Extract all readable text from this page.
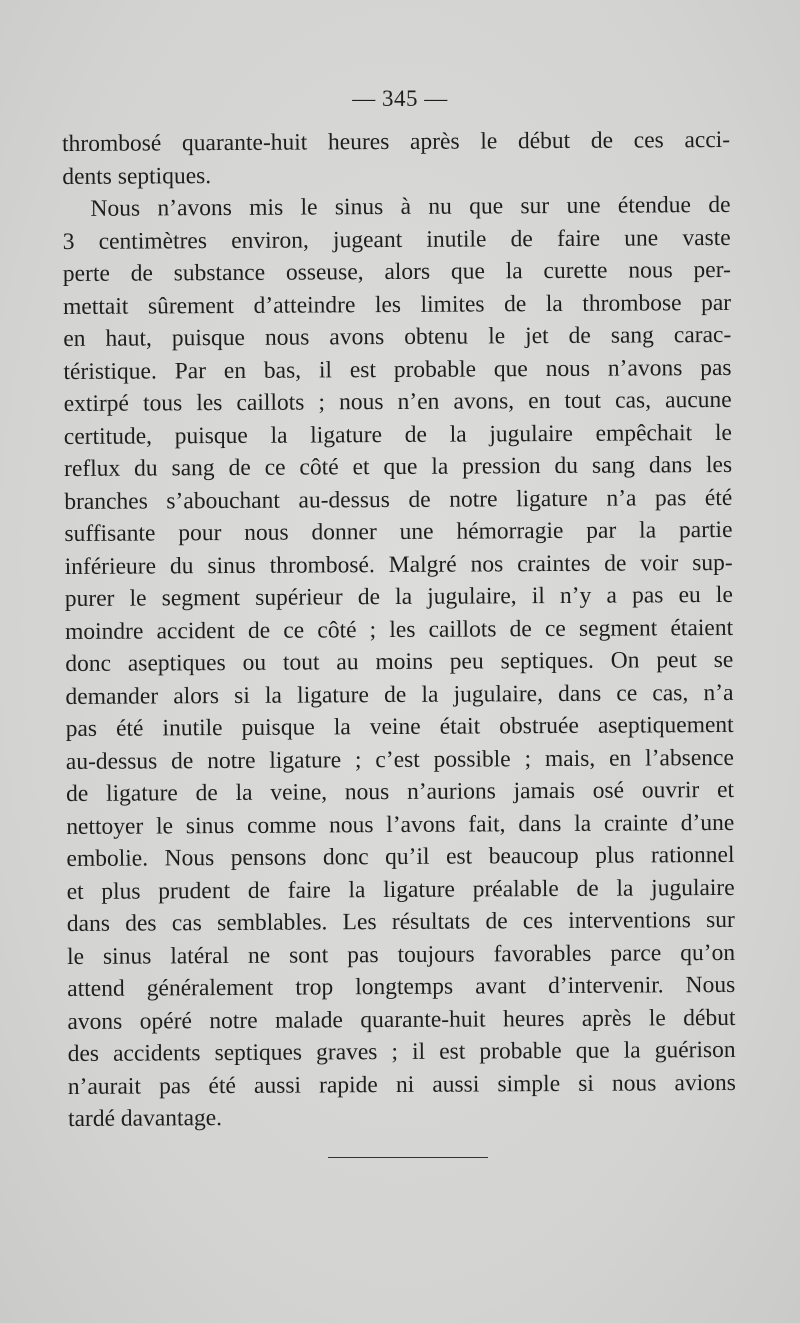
— 345 —
thrombosé quarante-huit heures après le début de ces acci-
dents septiques.
Nous n’avons mis le sinus à nu que sur une étendue de
3 centimètres environ, jugeant inutile de faire une vaste
perte de substance osseuse, alors que la curette nous per-
mettait sûrement d’atteindre les limites de la thrombose par
en haut, puisque nous avons obtenu le jet de sang carac-
téristique. Par en bas, il est probable que nous n’avons pas
extirpé tous les caillots ; nous n’en avons, en tout cas, aucune
certitude, puisque la ligature de la jugulaire empêchait le
reflux du sang de ce côté et que la pression du sang dans les
branches s’abouchant au-dessus de notre ligature n’a pas été
suffisante pour nous donner une hémorragie par la partie
inférieure du sinus thrombosé. Malgré nos craintes de voir sup-
purer le segment supérieur de la jugulaire, il n’y a pas eu le
moindre accident de ce côté ; les caillots de ce segment étaient
donc aseptiques ou tout au moins peu septiques. On peut se
demander alors si la ligature de la jugulaire, dans ce cas, n’a
pas été inutile puisque la veine était obstruée aseptiquement
au-dessus de notre ligature ; c’est possible ; mais, en l’absence
de ligature de la veine, nous n’aurions jamais osé ouvrir et
nettoyer le sinus comme nous l’avons fait, dans la crainte d’une
embolie. Nous pensons donc qu’il est beaucoup plus rationnel
et plus prudent de faire la ligature préalable de la jugulaire
dans des cas semblables. Les résultats de ces interventions sur
le sinus latéral ne sont pas toujours favorables parce qu’on
attend généralement trop longtemps avant d’intervenir. Nous
avons opéré notre malade quarante-huit heures après le début
des accidents septiques graves ; il est probable que la guérison
n’aurait pas été aussi rapide ni aussi simple si nous avions
tardé davantage.
